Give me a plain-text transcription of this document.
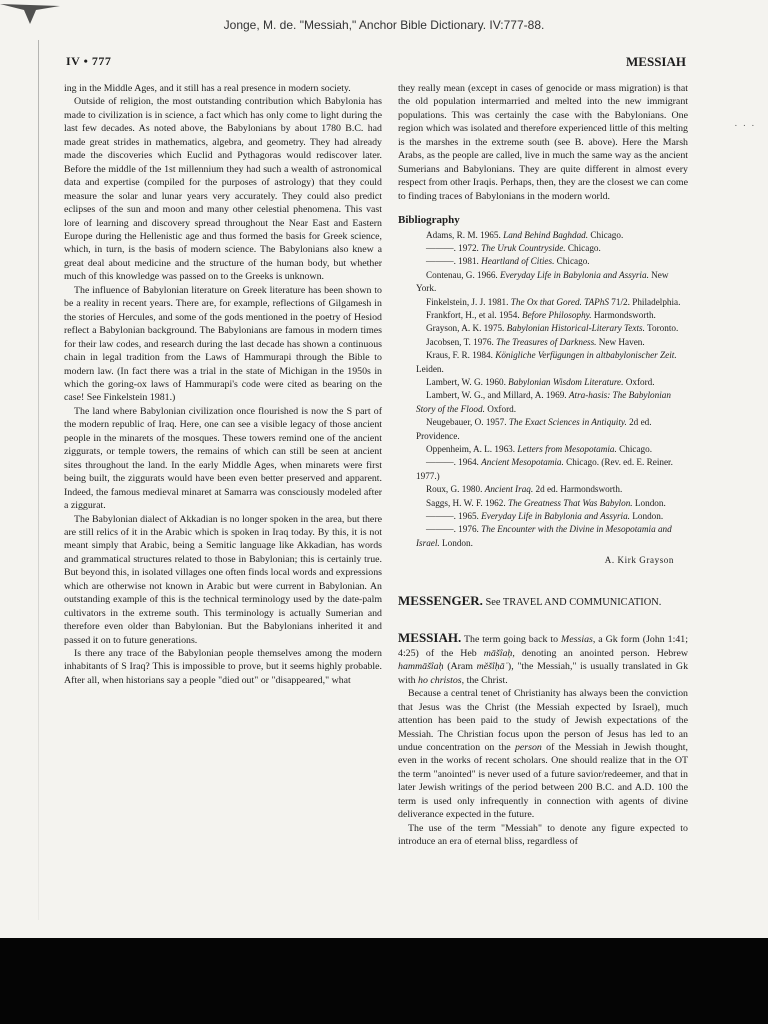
. . .
Jonge, M. de. "Messiah," Anchor Bible Dictionary. IV:777-88.
IV • 777	MESSIAH

ing in the Middle Ages, and it still has a real presence in modern society.

Outside of religion, the most outstanding contribution which Babylonia has made to civilization is in science, a fact which has only come to light during the last few decades. As noted above, the Babylonians by about 1780 B.C. had made great strides in mathematics, algebra, and geometry. They had already made the discoveries which Euclid and Pythagoras would rediscover later. Before the middle of the 1st millennium they had such a wealth of astronomical data and expertise (compiled for the purposes of astrology) that they could measure the solar and lunar years very accurately. They could also predict eclipses of the sun and moon and many other celestial phenomena. This vast lore of learning and discovery spread throughout the Near East and Eastern Europe during the Hellenistic age and thus formed the basis for Greek science, which, in turn, is the basis of modern science. The Babylonians also knew a great deal about medicine and the structure of the human body, but whether much of this knowledge was passed on to the Greeks is unknown.

The influence of Babylonian literature on Greek literature has been shown to be a reality in recent years. There are, for example, reflections of Gilgamesh in the stories of Hercules, and some of the gods mentioned in the poetry of Hesiod reflect a Babylonian background. The Babylonians are famous in modern times for their law codes, and research during the last decade has shown a continuous chain in legal tradition from the Laws of Hammurapi through the Bible to modern law. (In fact there was a trial in the state of Michigan in the 1950s in which the goring-ox laws of Hammurapi's code were cited as bearing on the case! See Finkelstein 1981.)

The land where Babylonian civilization once flourished is now the S part of the modern republic of Iraq. Here, one can see a visible legacy of those ancient people in the minarets of the mosques. These towers remind one of the ancient ziggurats, or temple towers, the remains of which can still be seen at ancient sites throughout the land. In the early Middle Ages, when minarets were first being built, the ziggurats would have been even better preserved and apparent. Indeed, the famous medieval minaret at Samarra was consciously modeled after a ziggurat.

The Babylonian dialect of Akkadian is no longer spoken in the area, but there are still relics of it in the Arabic which is spoken in Iraq today. By this, it is not meant simply that Arabic, being a Semitic language like Akkadian, has words and grammatical structures related to those in Babylonian; this is certainly true. But beyond this, in isolated villages one often finds local words and expressions which are otherwise not known in Arabic but were current in Babylonian. An outstanding example of this is the technical terminology used by the date-palm cultivators in the extreme south. This terminology is actually Sumerian and therefore even older than Babylonian. But the Babylonians inherited it and passed it on to future generations.

Is there any trace of the Babylonian people themselves among the modern inhabitants of S Iraq? This is impossible to prove, but it seems highly probable. After all, when historians say a people "died out" or "disappeared," what

they really mean (except in cases of genocide or mass migration) is that the old population intermarried and melted into the new immigrant populations. This was certainly the case with the Babylonians. One region which was isolated and therefore experienced little of this melting is the marshes in the extreme south (see B. above). Here the Marsh Arabs, as the people are called, live in much the same way as the ancient Sumerians and Babylonians. They are quite different in almost every respect from other Iraqis. Perhaps, then, they are the closest we can come to finding traces of Babylonians in the modern world.

Bibliography

Adams, R. M. 1965. Land Behind Baghdad. Chicago.

———. 1972. The Uruk Countryside. Chicago.

———. 1981. Heartland of Cities. Chicago.

Contenau, G. 1966. Everyday Life in Babylonia and Assyria. New York.

Finkelstein, J. J. 1981. The Ox that Gored. TAPhS 71/2. Philadelphia.

Frankfort, H., et al. 1954. Before Philosophy. Harmondsworth.

Grayson, A. K. 1975. Babylonian Historical-Literary Texts. Toronto.

Jacobsen, T. 1976. The Treasures of Darkness. New Haven.

Kraus, F. R. 1984. Königliche Verfügungen in altbabylonischer Zeit. Leiden.

Lambert, W. G. 1960. Babylonian Wisdom Literature. Oxford.

Lambert, W. G., and Millard, A. 1969. Atra-hasis: The Babylonian Story of the Flood. Oxford.

Neugebauer, O. 1957. The Exact Sciences in Antiquity. 2d ed. Providence.

Oppenheim, A. L. 1963. Letters from Mesopotamia. Chicago.

———. 1964. Ancient Mesopotamia. Chicago. (Rev. ed. E. Reiner. 1977.)

Roux, G. 1980. Ancient Iraq. 2d ed. Harmondsworth.

Saggs, H. W. F. 1962. The Greatness That Was Babylon. London.

———. 1965. Everyday Life in Babylonia and Assyria. London.

———. 1976. The Encounter with the Divine in Mesopotamia and Israel. London.

A. Kirk Grayson
MESSENGER. See TRAVEL AND COMMUNICATION.

MESSIAH. The term going back to Messias, a Gk form (John 1:41; 4:25) of the Heb māšîaḥ, denoting an anointed person. Hebrew hammāšîaḥ (Aram mĕšîḥāʾ), "the Messiah," is usually translated in Gk with ho christos, the Christ.

Because a central tenet of Christianity has always been the conviction that Jesus was the Christ (the Messiah expected by Israel), much attention has been paid to the study of Jewish expectations of the Messiah. The Christian focus upon the person of Jesus has led to an undue concentration on the person of the Messiah in Jewish thought, even in the works of recent scholars. One should realize that in the OT the term "anointed" is never used of a future savior/redeemer, and that in later Jewish writings of the period between 200 B.C. and A.D. 100 the term is used only infrequently in connection with agents of divine deliverance expected in the future.

The use of the term "Messiah" to denote any figure expected to introduce an era of eternal bliss, regardless of
